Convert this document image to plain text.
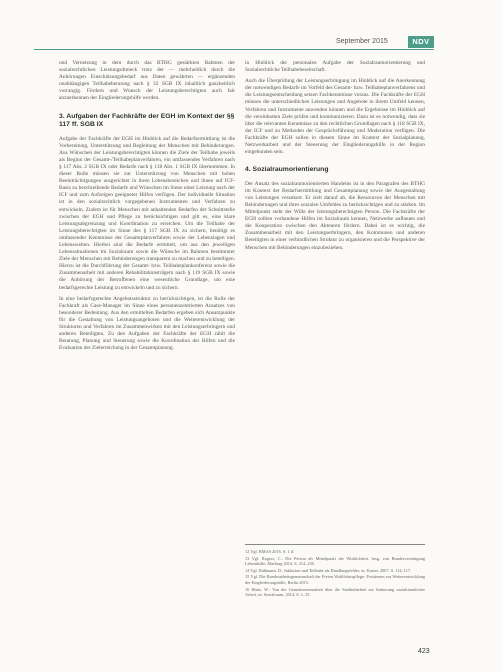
September 2015	NDV

und Vernetzung in dem durch das BTHG gestärkten Rahmen der sozialrechtlichen Leistungsdreieck trotz der — mehrheitlich durch die Anhörungen Einschätzungsbedarf aus Daten gewährten — ergänzenden unabhängigen Teilhabeberatung nach § 32 SGB IX inhaltlich ganzheitlich vorrangig. Fördern und Wunsch der Leistungsberechtigten auch fair anzuerkennen der Eingliederungshilfe werden.

3. Aufgaben der Fachkräfte der EGH im Kontext der §§ 117 ff. SGB IX

Aufgabe der Fachkräfte der EGH im Hinblick auf die Bedarfsermittlung ist die Vorbereitung, Unterstützung und Begleitung der Menschen mit Behinderungen. Aus Wünschen der Leistungsberechtigten können die Ziele der Teilhabe jeweils als Beginn der Gesamt-/Teilhabeplanverfahren, ein umfassendes Verfahren nach § 117 Abs. 2 SGB IX oder Bedarfe nach § 118 Abs. 1 SGB IX übernommen. In dieser Rolle müssen sie zur Unterstützung von Menschen mit hohen Beeinträchtigungen ausgerichtet in ihren Lebensbereichen und ihnen auf ICF-Basis zu beschreibende Bedarfe und Wünschen im Sinne einer Leistung nach der ICF und zum Aufzeigen geeigneter Hilfen verfügen. Der individuelle Situation ist in den sozialrechtlich vorgegebenen Instrumenten und Verfahren zu entwickeln. Zudem ist für Menschen mit anhaltenden Bedarfen der Schnittstelle zwischen der EGH und Pflege zu berücksichtigen und gilt es, eine klare Leistungsabgrenzung und Koordination zu erreichen. Um die Teilhabe der Leistungsberechtigten im Sinne des § 117 SGB IX zu sichern, benötigt es umfassender Kenntnisse der Gesamtplanverfahren sowie der Lebenslagen und Lebenswelten. Hierbei sind die Bedarfe ermittelt, um aus den jeweiligen Lebenssituationen im Sozialraum sowie die Wünsche im Rahmen bestimmter Ziele der Menschen mit Behinderungen transparent zu machen und zu beteiligen. Hierzu ist die Durchführung der Gesamt- bzw. Teilhabeplankonferenz sowie die Zusammenarbeit mit anderen Rehabilitationsträgern nach § 119 SGB IX sowie die Anhörung der Betroffenen eine wesentliche Grundlage, um eine bedarfsgerechte Leistung zu entwickeln und zu sichern.

In eine bedarfsgerechte Angebotsstruktur zu berücksichtigen, ist die Rolle der Fachkraft als Case-Manager im Sinne eines personenzentrierten Ansatzes von besonderer Bedeutung. Aus den ermittelten Bedarfen ergeben sich Ansatzpunkte für die Gestaltung von Leistungsangeboten und die Weiterentwicklung der Strukturen und Verfahren im Zusammenwirken mit den Leistungserbringern und anderen Beteiligten. Zu den Aufgaben der Fachkräfte der EGH zählt die Beratung, Planung und Steuerung sowie die Koordination der Hilfen und die Evaluation der Zielerreichung in der Gesamtplanung.

in Hinblick der personalen Aufgabe der Sozialraumorientierung und Sozialrechtliche Teilhabebereitschaft.

Auch die Überprüfung der Leistungserbringung im Hinblick auf die Anerkennung der notwendigen Bedarfe im Vorfeld des Gesamt- bzw. Teilhabeplanverfahrens und die Leistungsentscheidung setzen Fachkenntnisse voraus. Die Fachkräfte der EGH müssen die unterschiedlichen Leistungen und Angebote in ihrem Umfeld kennen, Verfahren und Instrumente anwenden können und die Ergebnisse im Hinblick auf die vereinbarten Ziele prüfen und kommunizieren. Dazu ist es notwendig, dass sie über die relevanten Kenntnisse zu den rechtlichen Grundlagen nach § 118 SGB IX, der ICF und zu Methoden der Gesprächsführung und Moderation verfügen. Die Fachkräfte der EGH sollen in diesem Sinne im Kontext der Sozialplanung, Netzwerkarbeit und der Steuerung der Eingliederungshilfe in der Region eingebunden sein.

4. Sozialraumorientierung

Der Ansatz des sozialraumorientierten Handelns ist in den Paragrafen des BTHG im Kontext der Bedarfsermittlung und Gesamtplanung sowie der Ausgestaltung von Leistungen verankert. Er zielt darauf ab, die Ressourcen der Menschen mit Behinderungen und ihres sozialen Umfeldes zu berücksichtigen und zu stärken. Im Mittelpunkt steht der Wille der leistungsberechtigten Person. Die Fachkräfte der EGH sollten vorhandene Hilfen im Sozialraum kennen, Netzwerke aufbauen und die Kooperation zwischen den Akteuren fördern. Dabei ist es wichtig, die Zusammenarbeit mit den Leistungserbringern, den Kommunen und anderen Beteiligten in einer verbindlichen Struktur zu organisieren und die Perspektive der Menschen mit Behinderungen einzubeziehen.

12 Vgl. BMAS 2016, S. 1 ff.

13 Vgl. Rogers, C.: Die Person als Mittelpunkt der Wirklichkeit, hrsg. von Bundesvereinigung Lebenshilfe, Marburg 2014, S. 214–236.

14 Vgl. Rüßmann, D.: Inklusion und Teilhabe als Handlungsfelder, in: Kaiser, 2007, S. 114–117.

15 Vgl. Die Bundesarbeitsgemeinschaft der Freien Wohlfahrtspflege: Positionen zur Weiterentwicklung der Eingliederungshilfe, Berlin 2015.

16 Hinte, W.: Von der Gemeinwesenarbeit über die Stadtteilarbeit zur Initiierung sozialräumlicher Arbeit, in: Sozialraum, 2014, S. 1–15.

423
